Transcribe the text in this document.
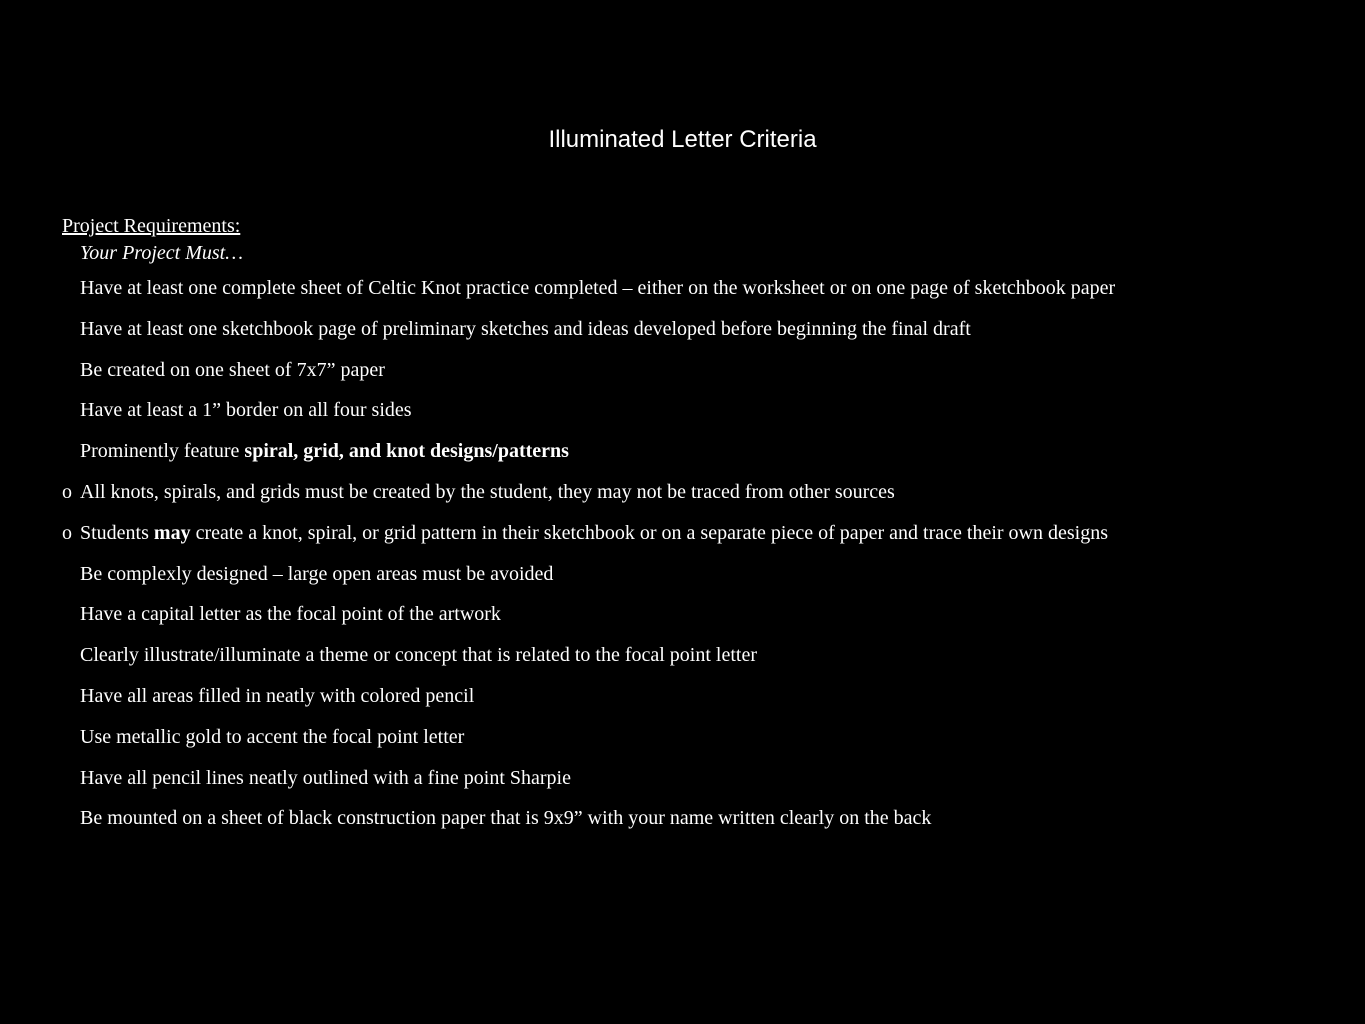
Illuminated Letter Criteria
Project Requirements:
Your Project Must…
Have at least one complete sheet of Celtic Knot practice completed – either on the worksheet or on one page of sketchbook paper
Have at least one sketchbook page of preliminary sketches and ideas developed before beginning the final draft
Be created on one sheet of 7x7” paper
Have at least a 1” border on all four sides
Prominently feature spiral, grid, and knot designs/patterns
o All knots, spirals, and grids must be created by the student, they may not be traced from other sources
o Students may create a knot, spiral, or grid pattern in their sketchbook or on a separate piece of paper and trace their own designs
Be complexly designed – large open areas must be avoided
Have a capital letter as the focal point of the artwork
Clearly illustrate/illuminate a theme or concept that is related to the focal point letter
Have all areas filled in neatly with colored pencil
Use metallic gold to accent the focal point letter
Have all pencil lines neatly outlined with a fine point Sharpie
Be mounted on a sheet of black construction paper that is 9x9” with your name written clearly on the back
